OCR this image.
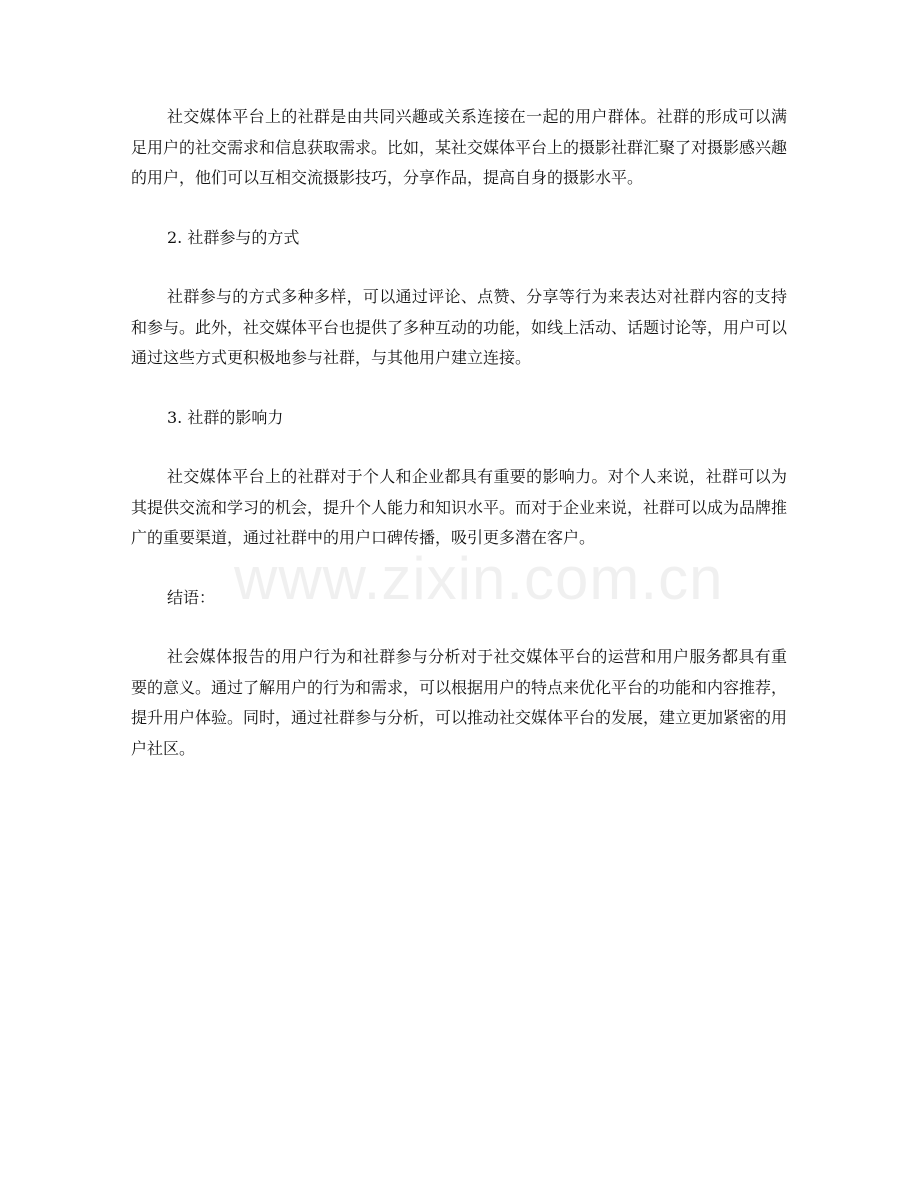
社交媒体平台上的社群是由共同兴趣或关系连接在一起的用户群体。社群的形成可以满足用户的社交需求和信息获取需求。比如，某社交媒体平台上的摄影社群汇聚了对摄影感兴趣的用户，他们可以互相交流摄影技巧，分享作品，提高自身的摄影水平。

2. 社群参与的方式

社群参与的方式多种多样，可以通过评论、点赞、分享等行为来表达对社群内容的支持和参与。此外，社交媒体平台也提供了多种互动的功能，如线上活动、话题讨论等，用户可以通过这些方式更积极地参与社群，与其他用户建立连接。

3. 社群的影响力

社交媒体平台上的社群对于个人和企业都具有重要的影响力。对个人来说，社群可以为其提供交流和学习的机会，提升个人能力和知识水平。而对于企业来说，社群可以成为品牌推广的重要渠道，通过社群中的用户口碑传播，吸引更多潜在客户。

结语：

社会媒体报告的用户行为和社群参与分析对于社交媒体平台的运营和用户服务都具有重要的意义。通过了解用户的行为和需求，可以根据用户的特点来优化平台的功能和内容推荐，提升用户体验。同时，通过社群参与分析，可以推动社交媒体平台的发展，建立更加紧密的用户社区。

www.zixin.com.cn
